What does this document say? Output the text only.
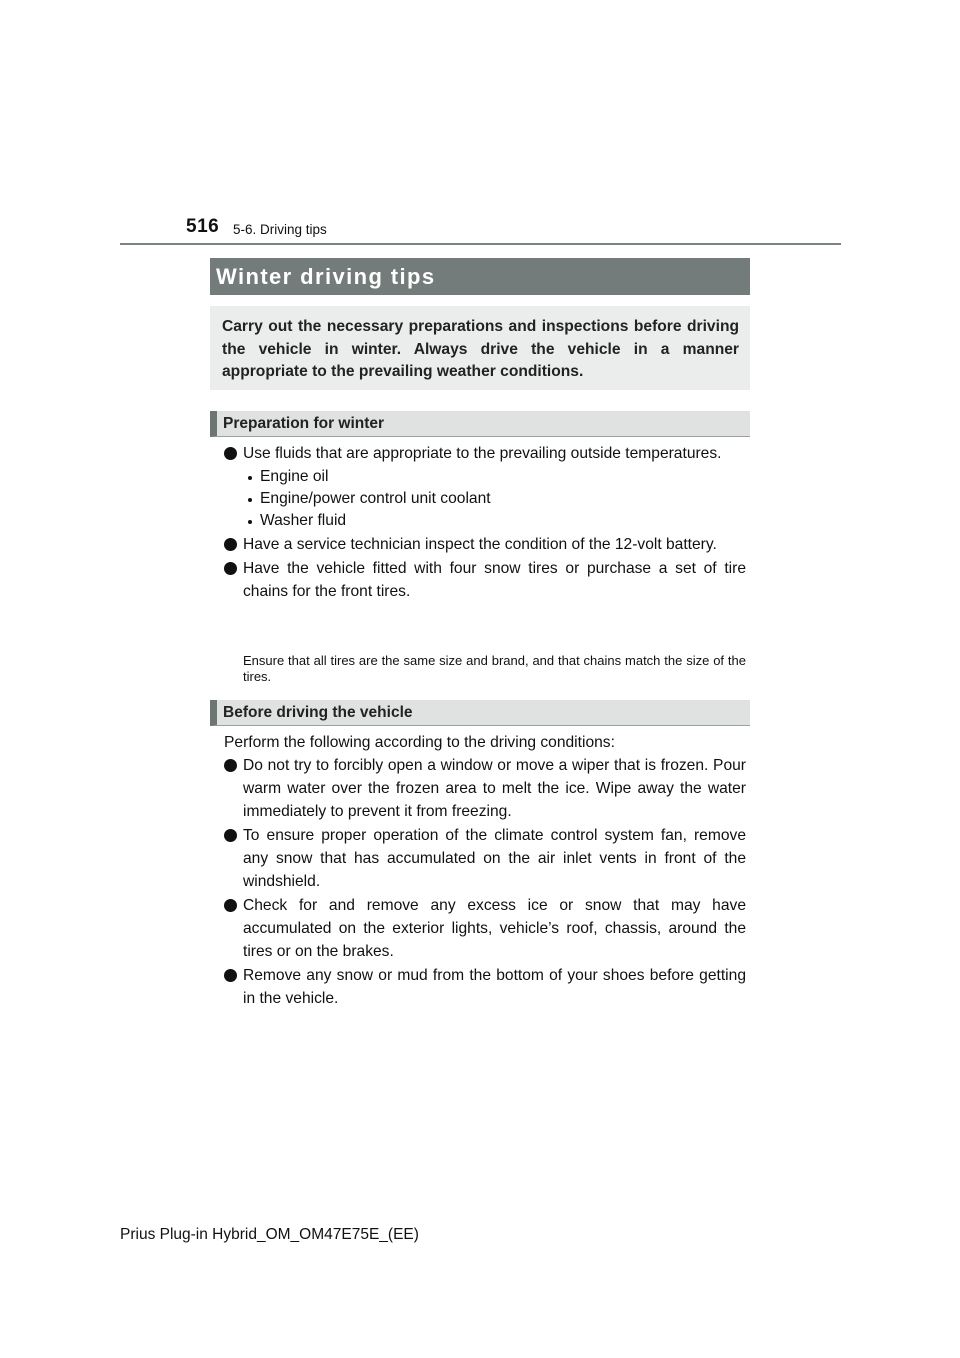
516 5-6. Driving tips
Winter driving tips
Carry out the necessary preparations and inspections before driving the vehicle in winter. Always drive the vehicle in a manner appropriate to the prevailing weather conditions.
Preparation for winter
Use fluids that are appropriate to the prevailing outside temperatures.
Engine oil
Engine/power control unit coolant
Washer fluid
Have a service technician inspect the condition of the 12-volt battery.
Have the vehicle fitted with four snow tires or purchase a set of tire chains for the front tires.
Ensure that all tires are the same size and brand, and that chains match the size of the tires.
Before driving the vehicle
Perform the following according to the driving conditions:
Do not try to forcibly open a window or move a wiper that is frozen. Pour warm water over the frozen area to melt the ice. Wipe away the water immediately to prevent it from freezing.
To ensure proper operation of the climate control system fan, remove any snow that has accumulated on the air inlet vents in front of the windshield.
Check for and remove any excess ice or snow that may have accumulated on the exterior lights, vehicle’s roof, chassis, around the tires or on the brakes.
Remove any snow or mud from the bottom of your shoes before getting in the vehicle.
Prius Plug-in Hybrid_OM_OM47E75E_(EE)
